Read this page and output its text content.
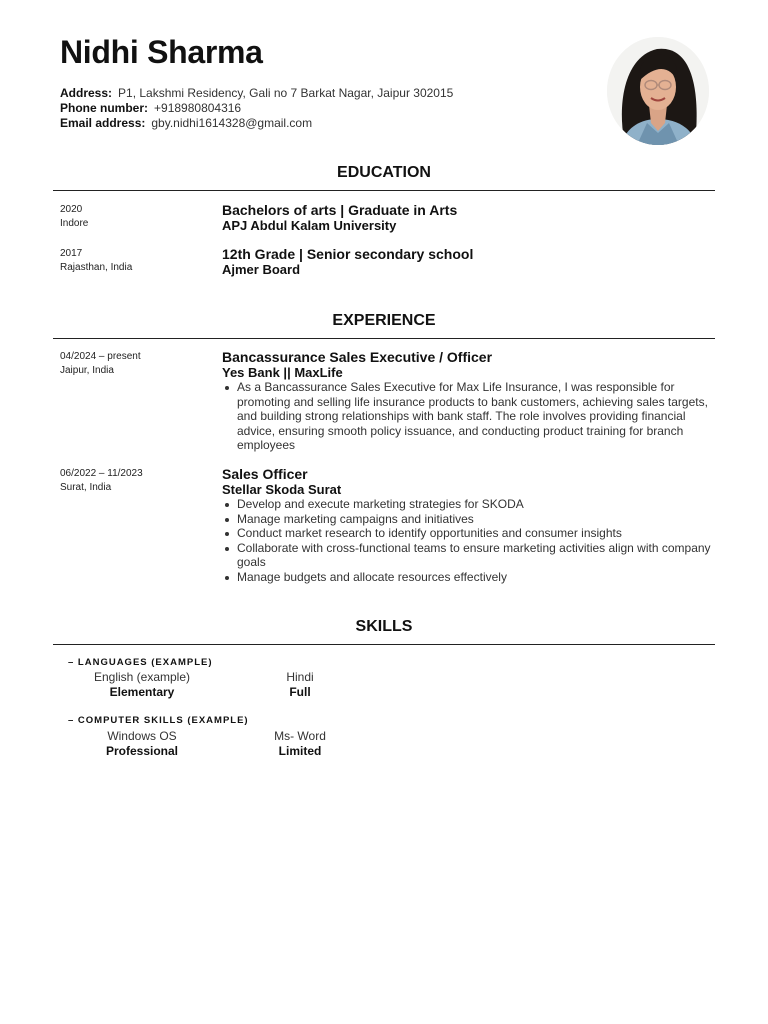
Nidhi Sharma
Address: P1, Lakshmi Residency, Gali no 7 Barkat Nagar, Jaipur 302015
Phone number: +918980804316
Email address: gby.nidhi1614328@gmail.com
EDUCATION
2020
Indore
Bachelors of arts | Graduate in Arts
APJ Abdul Kalam University
2017
Rajasthan, India
12th Grade | Senior secondary school
Ajmer Board
EXPERIENCE
04/2024 – present
Jaipur, India
Bancassurance Sales Executive / Officer
Yes Bank || MaxLife
As a Bancassurance Sales Executive for Max Life Insurance, I was responsible for promoting and selling life insurance products to bank customers, achieving sales targets, and building strong relationships with bank staff. The role involves providing financial advice, ensuring smooth policy issuance, and conducting product training for branch employees
06/2022 – 11/2023
Surat, India
Sales Officer
Stellar Skoda Surat
Develop and execute marketing strategies for SKODA
Manage marketing campaigns and initiatives
Conduct market research to identify opportunities and consumer insights
Collaborate with cross-functional teams to ensure marketing activities align with company goals
Manage budgets and allocate resources effectively
SKILLS
– LANGUAGES (EXAMPLE)
English (example)
Elementary
Hindi
Full
– COMPUTER SKILLS (EXAMPLE)
Windows OS
Professional
Ms- Word
Limited
